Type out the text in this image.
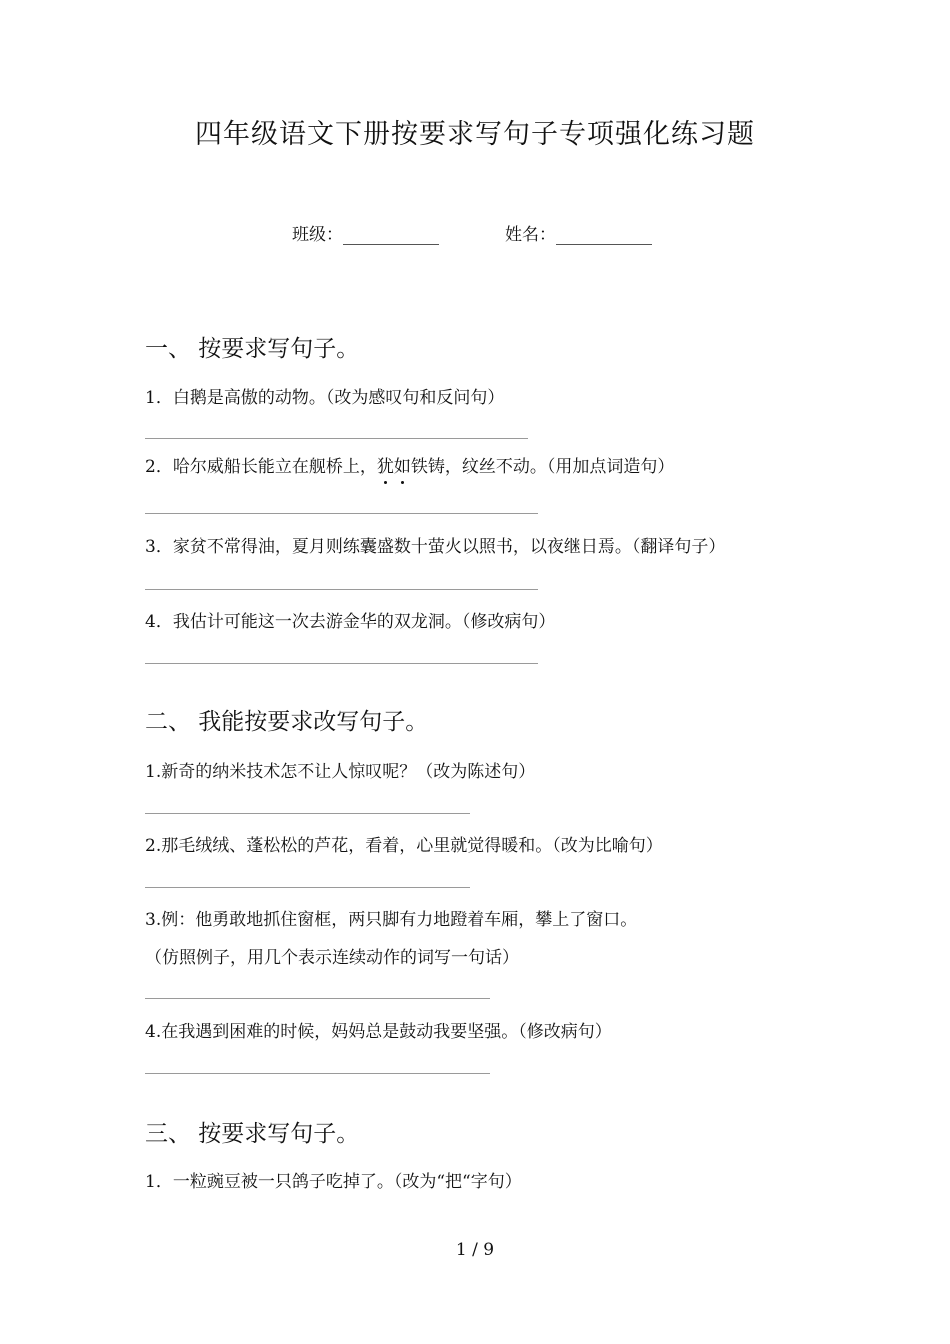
四年级语文下册按要求写句子专项强化练习题
班级：	姓名：
一、 按要求写句子。
1．白鹅是高傲的动物。（改为感叹句和反问句）
2．哈尔威船长能立在舰桥上，犹如铁铸，纹丝不动。（用加点词造句）
3．家贫不常得油，夏月则练囊盛数十萤火以照书，以夜继日焉。（翻译句子）
4．我估计可能这一次去游金华的双龙洞。（修改病句）
二、 我能按要求改写句子。
1.新奇的纳米技术怎不让人惊叹呢？（改为陈述句）
2.那毛绒绒、蓬松松的芦花，看着，心里就觉得暖和。（改为比喻句）
3.例：他勇敢地抓住窗框，两只脚有力地蹬着车厢，攀上了窗口。
（仿照例子，用几个表示连续动作的词写一句话）
4.在我遇到困难的时候，妈妈总是鼓动我要坚强。（修改病句）
三、 按要求写句子。
1．一粒豌豆被一只鸽子吃掉了。（改为“把“字句）
1 / 9
